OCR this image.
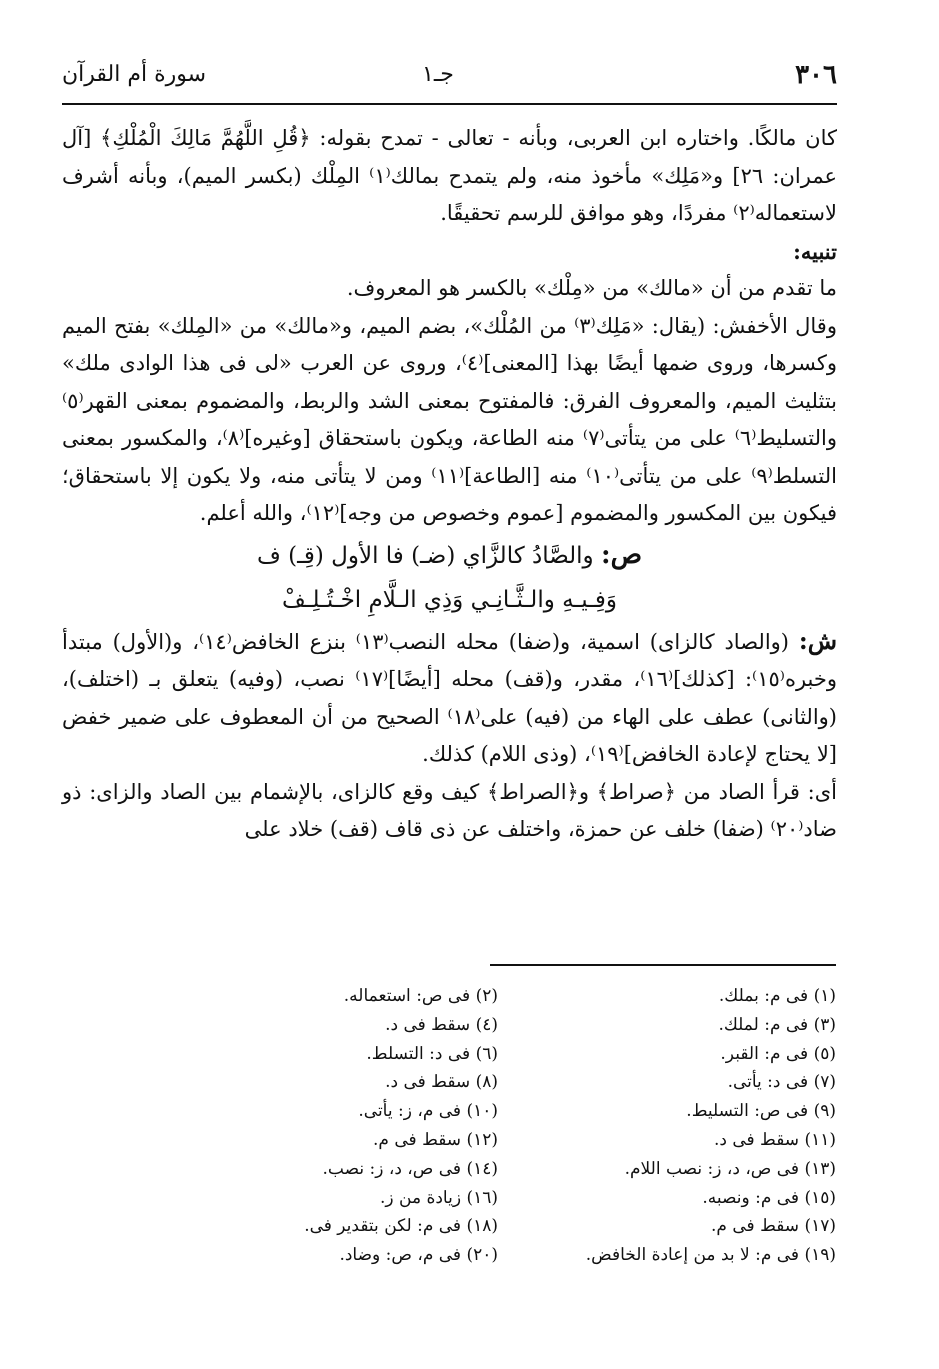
٣٠٦
جـ١
سورة أم القرآن

كان مالكًا. واختاره ابن العربى، وبأنه - تعالى - تمدح بقوله: ﴿قُلِ اللَّهُمَّ مَالِكَ الْمُلْكِ﴾ [آل عمران: ٢٦] و«مَلِك» مأخوذ منه، ولم يتمدح بمالك⁽١⁾ المِلْك (بكسر الميم)، وبأنه أشرف لاستعماله⁽٢⁾ مفردًا، وهو موافق للرسم تحقيقًا.

تنبيه:

ما تقدم من أن «مالك» من «مِلْك» بالكسر هو المعروف.

وقال الأخفش: (يقال: «مَلِك⁽٣⁾ من المُلْك»، بضم الميم، و«مالك» من «المِلك» بفتح الميم وكسرها، وروى ضمها أيضًا بهذا [المعنى]⁽٤⁾، وروى عن العرب «لى فى هذا الوادى ملك» بتثليث الميم، والمعروف الفرق: فالمفتوح بمعنى الشد والربط، والمضموم بمعنى القهر⁽٥⁾ والتسليط⁽٦⁾ على من يتأتى⁽٧⁾ منه الطاعة، ويكون باستحقاق [وغيره]⁽٨⁾، والمكسور بمعنى التسلط⁽٩⁾ على من يتأتى⁽١٠⁾ منه [الطاعة]⁽١١⁾ ومن لا يتأتى منه، ولا يكون إلا باستحقاق؛ فيكون بين المكسور والمضموم [عموم وخصوص من وجه]⁽١٢⁾، والله أعلم.

ص: والصَّادُ كالزَّاي (ضـ) فا الأول (قِـ) ف

وَفِـيـهِ والـثَّـانِـي وَذِي الـلَّامِ اخْـتُـلِـفْ

ش: (والصاد كالزاى) اسمية، و(ضفا) محله النصب⁽١٣⁾ بنزع الخافض⁽١٤⁾، و(الأول) مبتدأ وخبره⁽١٥⁾: [كذلك]⁽١٦⁾، مقدر، و(قف) محله [أيضًا]⁽١٧⁾ نصب، (وفيه) يتعلق بـ (اختلف)، (والثانى) عطف على الهاء من (فيه) على⁽١٨⁾ الصحيح من أن المعطوف على ضمير خفض [لا يحتاج لإعادة الخافض]⁽١٩⁾، (وذى اللام) كذلك.

أى: قرأ الصاد من ﴿صراط﴾ و﴿الصراط﴾ كيف وقع كالزاى، بالإشمام بين الصاد والزاى: ذو ضاد⁽٢٠⁾ (ضفا) خلف عن حمزة، واختلف عن ذى قاف (قف) خلاد على

(١) فى م: بملك.
(٢) فى ص: استعماله.
(٣) فى م: لملك.
(٤) سقط فى د.
(٥) فى م: القبر.
(٦) فى د: التسلط.
(٧) فى د: يأتى.
(٨) سقط فى د.
(٩) فى ص: التسليط.
(١٠) فى م، ز: يأتى.
(١١) سقط فى د.
(١٢) سقط فى م.
(١٣) فى ص، د، ز: نصب اللام.
(١٤) فى ص، د، ز: نصب.
(١٥) فى م: ونصبه.
(١٦) زيادة من ز.
(١٧) سقط فى م.
(١٨) فى م: لكن بتقدير فى.
(١٩) فى م: لا بد من إعادة الخافض.
(٢٠) فى م، ص: وضاد.
